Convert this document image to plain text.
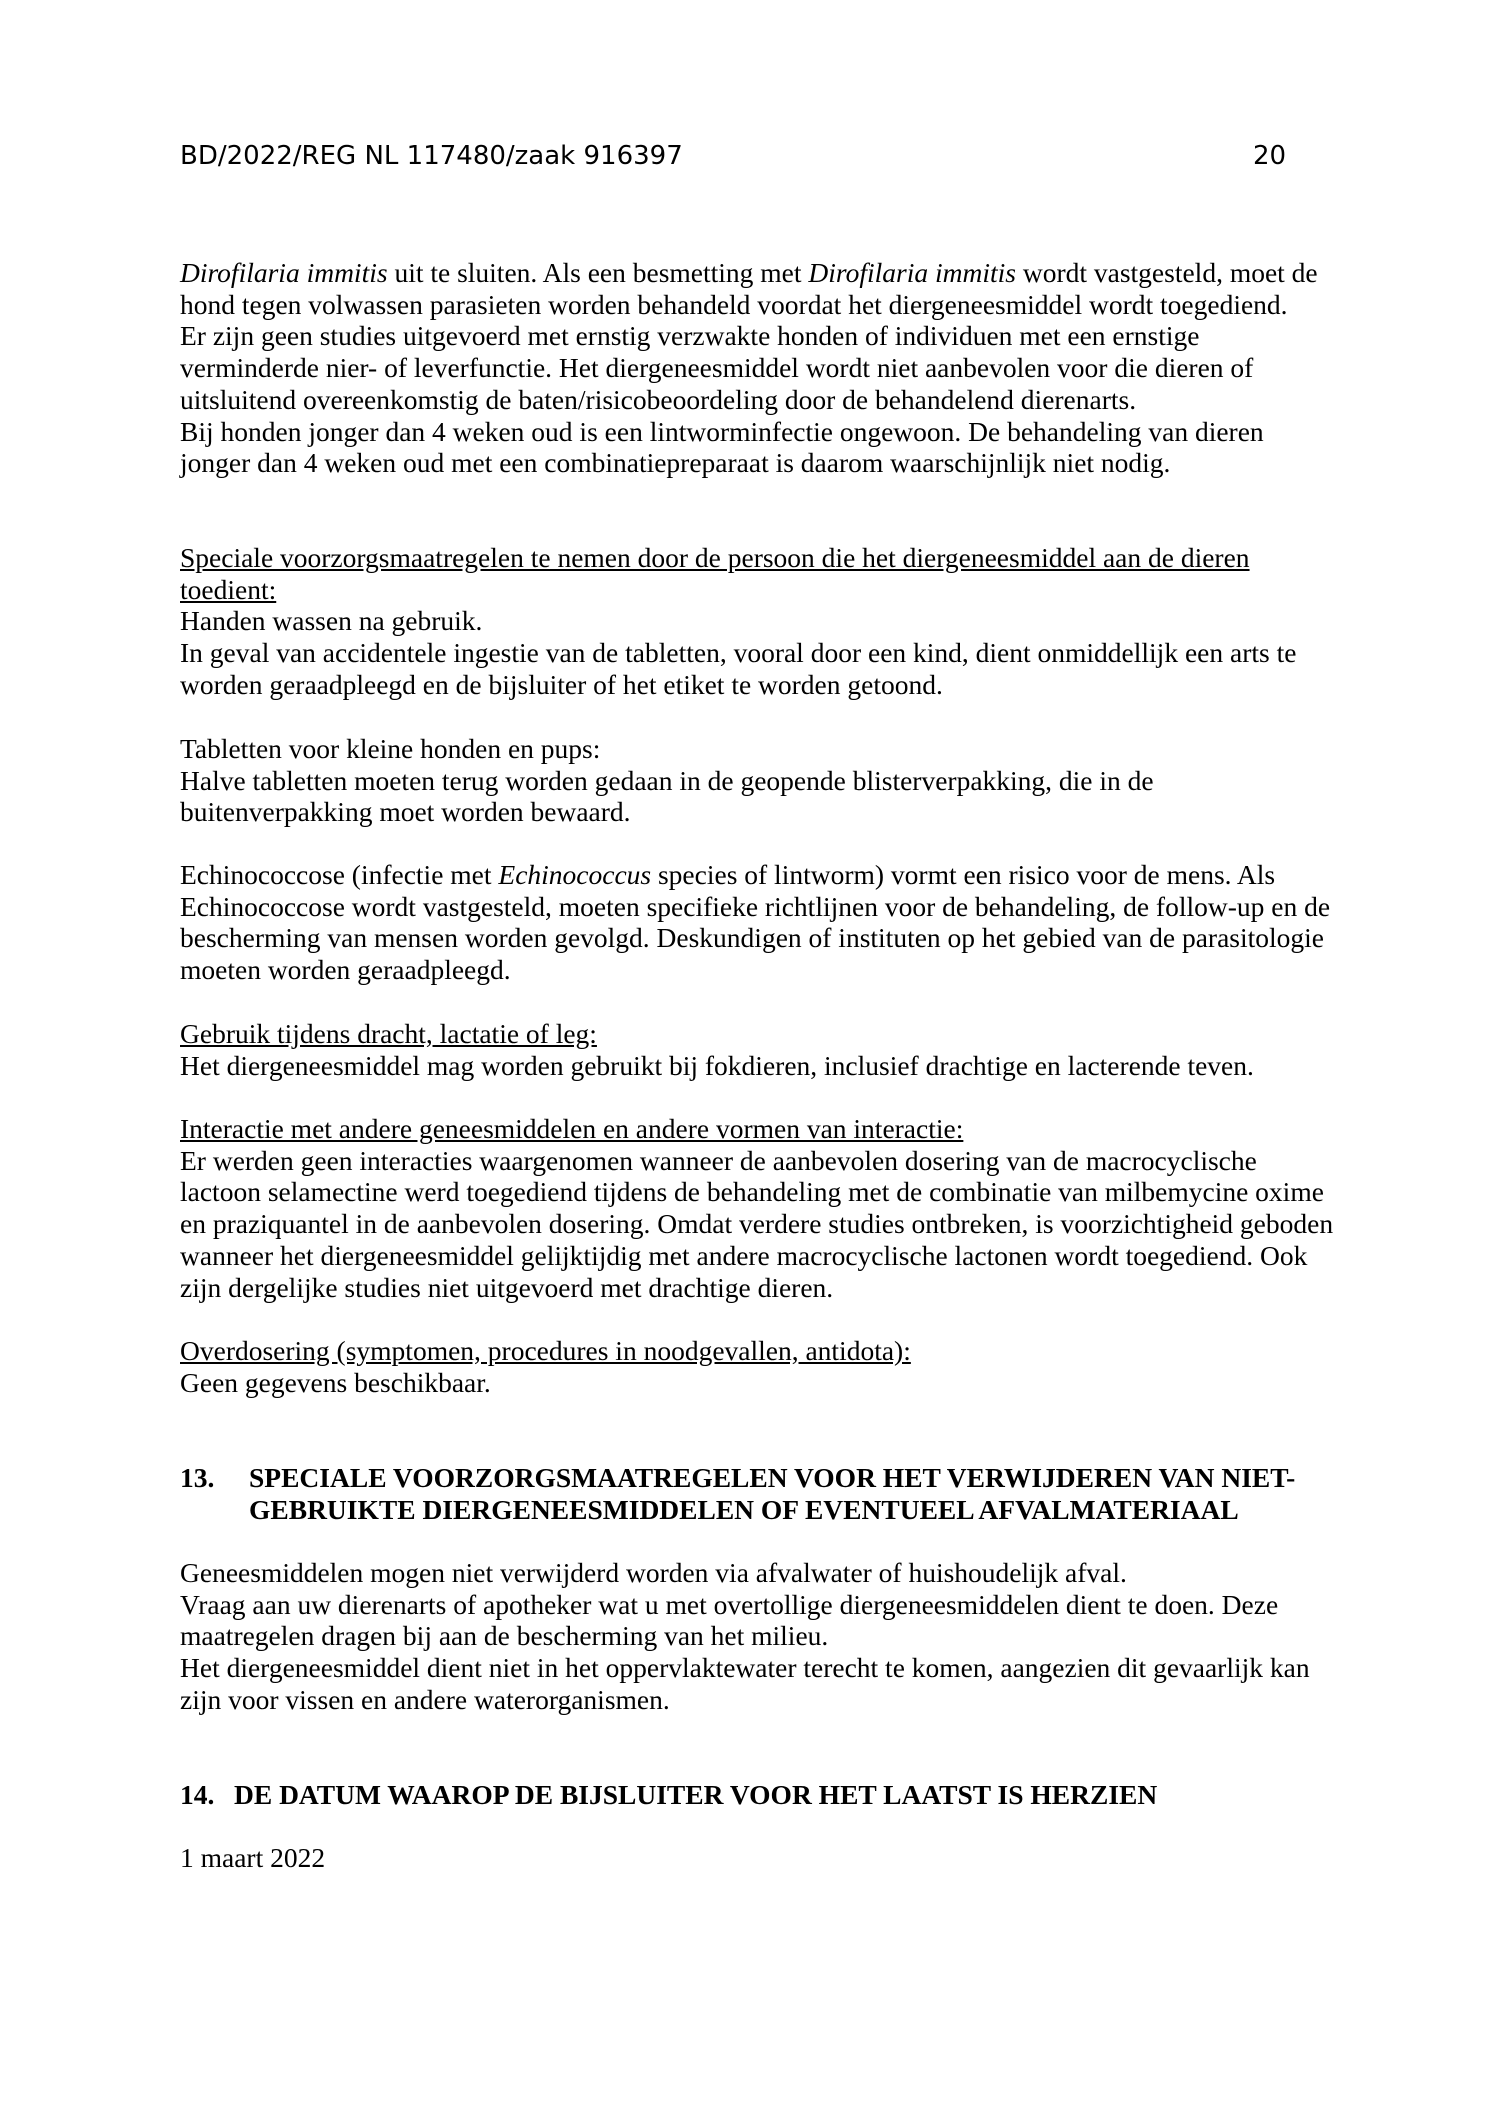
BD/2022/REG NL 117480/zaak 916397	20

Dirofilaria immitis uit te sluiten. Als een besmetting met Dirofilaria immitis wordt vastgesteld, moet de hond tegen volwassen parasieten worden behandeld voordat het diergeneesmiddel wordt toegediend.

Er zijn geen studies uitgevoerd met ernstig verzwakte honden of individuen met een ernstige verminderde nier- of leverfunctie. Het diergeneesmiddel wordt niet aanbevolen voor die dieren of uitsluitend overeenkomstig de baten/risicobeoordeling door de behandelend dierenarts.

Bij honden jonger dan 4 weken oud is een lintworminfectie ongewoon. De behandeling van dieren jonger dan 4 weken oud met een combinatiepreparaat is daarom waarschijnlijk niet nodig.

Speciale voorzorgsmaatregelen te nemen door de persoon die het diergeneesmiddel aan de dieren toedient:

Handen wassen na gebruik.

In geval van accidentele ingestie van de tabletten, vooral door een kind, dient onmiddellijk een arts te worden geraadpleegd en de bijsluiter of het etiket te worden getoond.

Tabletten voor kleine honden en pups:

Halve tabletten moeten terug worden gedaan in de geopende blisterverpakking, die in de buitenverpakking moet worden bewaard.

Echinococcose (infectie met Echinococcus species of lintworm) vormt een risico voor de mens. Als Echinococcose wordt vastgesteld, moeten specifieke richtlijnen voor de behandeling, de follow-up en de bescherming van mensen worden gevolgd. Deskundigen of instituten op het gebied van de parasitologie moeten worden geraadpleegd.

Gebruik tijdens dracht, lactatie of leg:

Het diergeneesmiddel mag worden gebruikt bij fokdieren, inclusief drachtige en lacterende teven.

Interactie met andere geneesmiddelen en andere vormen van interactie:

Er werden geen interacties waargenomen wanneer de aanbevolen dosering van de macrocyclische lactoon selamectine werd toegediend tijdens de behandeling met de combinatie van milbemycine oxime en praziquantel in de aanbevolen dosering. Omdat verdere studies ontbreken, is voorzichtigheid geboden wanneer het diergeneesmiddel gelijktijdig met andere macrocyclische lactonen wordt toegediend. Ook zijn dergelijke studies niet uitgevoerd met drachtige dieren.

Overdosering (symptomen, procedures in noodgevallen, antidota):

Geen gegevens beschikbaar.

13.	SPECIALE VOORZORGSMAATREGELEN VOOR HET VERWIJDEREN VAN NIET-GEBRUIKTE DIERGENEESMIDDELEN OF EVENTUEEL AFVALMATERIAAL

Geneesmiddelen mogen niet verwijderd worden via afvalwater of huishoudelijk afval.

Vraag aan uw dierenarts of apotheker wat u met overtollige diergeneesmiddelen dient te doen. Deze maatregelen dragen bij aan de bescherming van het milieu.

Het diergeneesmiddel dient niet in het oppervlaktewater terecht te komen, aangezien dit gevaarlijk kan zijn voor vissen en andere waterorganismen.

14. DE DATUM WAAROP DE BIJSLUITER VOOR HET LAATST IS HERZIEN

1 maart 2022
